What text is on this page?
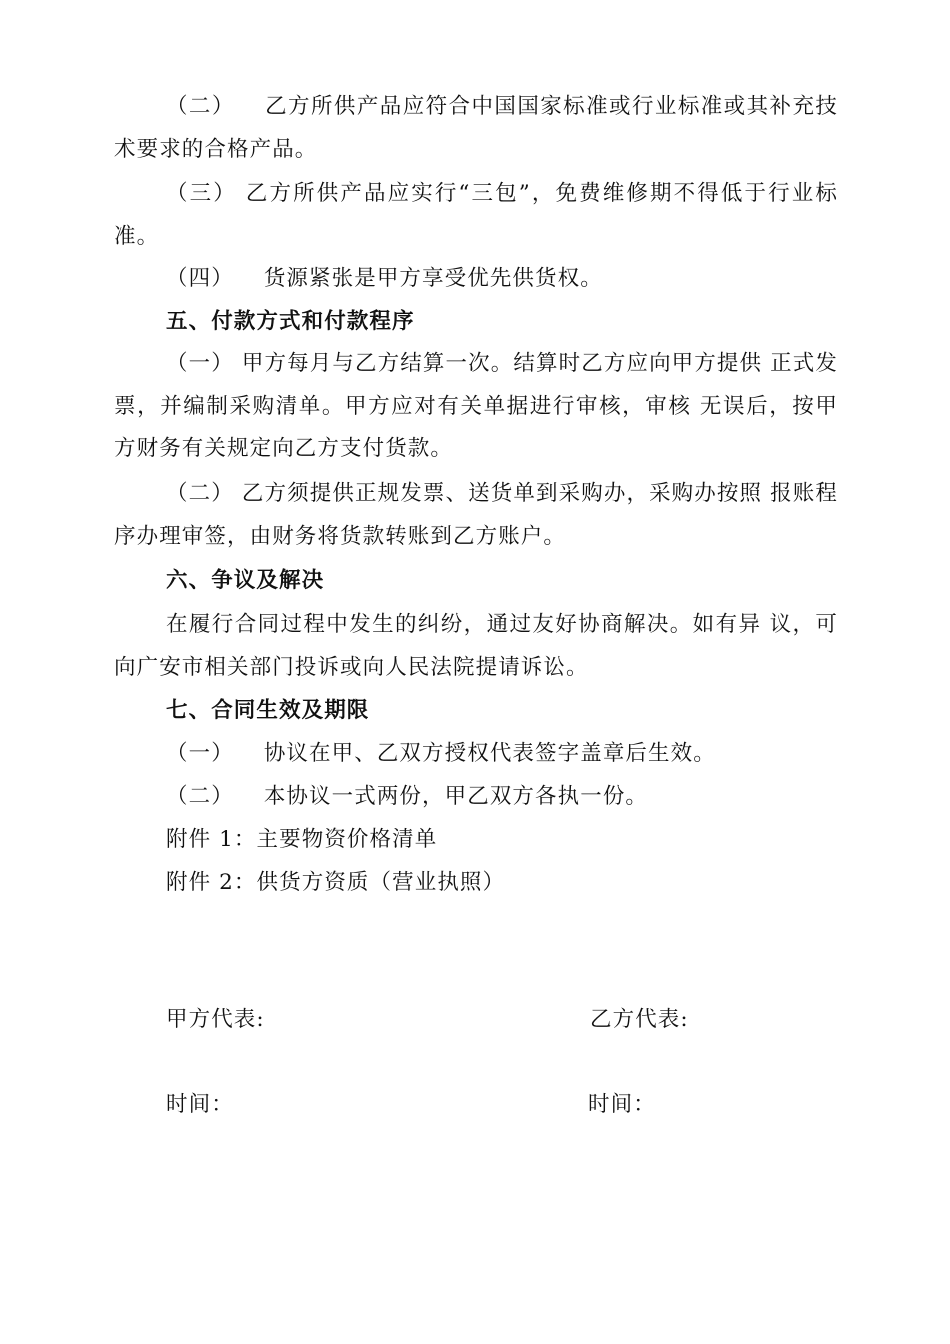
（二） 乙方所供产品应符合中国国家标准或行业标准或其补充技术要求的合格产品。

（三） 乙方所供产品应实行“三包”，免费维修期不得低于行业标准。

（四） 货源紧张是甲方享受优先供货权。

五、付款方式和付款程序

（一） 甲方每月与乙方结算一次。结算时乙方应向甲方提供 正式发票，并编制采购清单。甲方应对有关单据进行审核，审核 无误后，按甲方财务有关规定向乙方支付货款。

（二） 乙方须提供正规发票、送货单到采购办，采购办按照 报账程序办理审签，由财务将货款转账到乙方账户。

六、争议及解决

在履行合同过程中发生的纠纷，通过友好协商解决。如有异 议，可向广安市相关部门投诉或向人民法院提请诉讼。

七、合同生效及期限

（一） 协议在甲、乙双方授权代表签字盖章后生效。

（二） 本协议一式两份，甲乙双方各执一份。

附件 1：主要物资价格清单

附件 2：供货方资质（营业执照）

甲方代表:	乙方代表:

时间：	时间：
